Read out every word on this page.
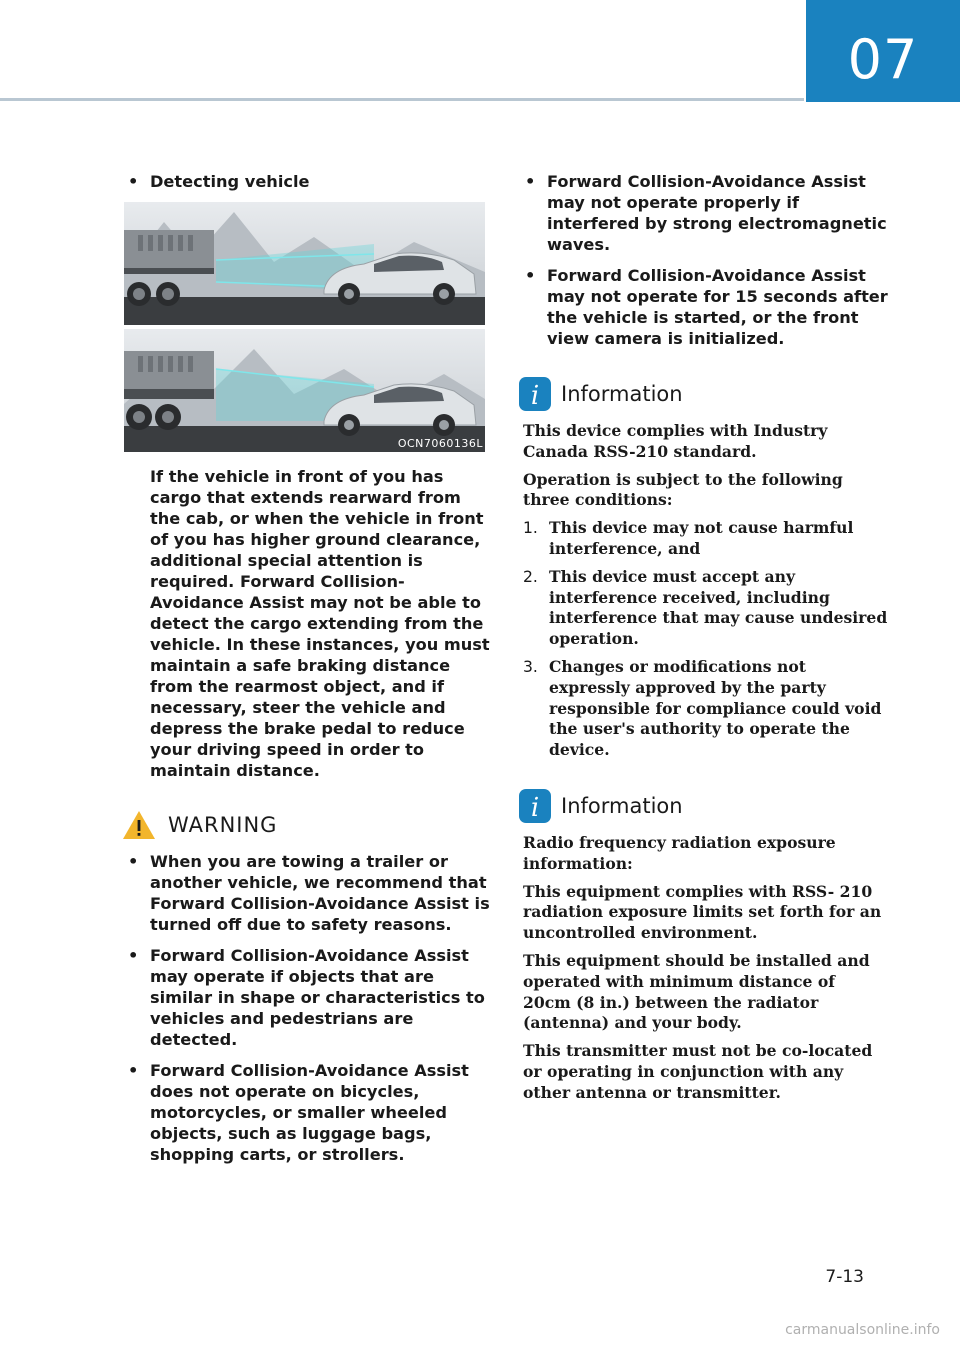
07
• Detecting vehicle
OCN7060136L
If the vehicle in front of you has cargo that extends rearward from the cab, or when the vehicle in front of you has higher ground clearance, additional special attention is required. Forward Collision-Avoidance Assist may not be able to detect the cargo extending from the vehicle. In these instances, you must maintain a safe braking distance from the rearmost object, and if necessary, steer the vehicle and depress the brake pedal to reduce your driving speed in order to maintain distance.
WARNING
• When you are towing a trailer or another vehicle, we recommend that Forward Collision-Avoidance Assist is turned off due to safety reasons.
• Forward Collision-Avoidance Assist may operate if objects that are similar in shape or characteristics to vehicles and pedestrians are detected.
• Forward Collision-Avoidance Assist does not operate on bicycles, motorcycles, or smaller wheeled objects, such as luggage bags, shopping carts, or strollers.
• Forward Collision-Avoidance Assist may not operate properly if interfered by strong electromagnetic waves.
• Forward Collision-Avoidance Assist may not operate for 15 seconds after the vehicle is started, or the front view camera is initialized.
i Information

This device complies with Industry Canada RSS-210 standard.

Operation is subject to the following three conditions:

1. This device may not cause harmful interference, and
2. This device must accept any interference received, including interference that may cause undesired operation.
3. Changes or modifications not expressly approved by the party responsible for compliance could void the user's authority to operate the device.
i Information

Radio frequency radiation exposure information:

This equipment complies with RSS- 210 radiation exposure limits set forth for an uncontrolled environment.

This equipment should be installed and operated with minimum distance of 20cm (8 in.) between the radiator (antenna) and your body.

This transmitter must not be co-located or operating in conjunction with any other antenna or transmitter.

7-13
carmanualsonline.info
